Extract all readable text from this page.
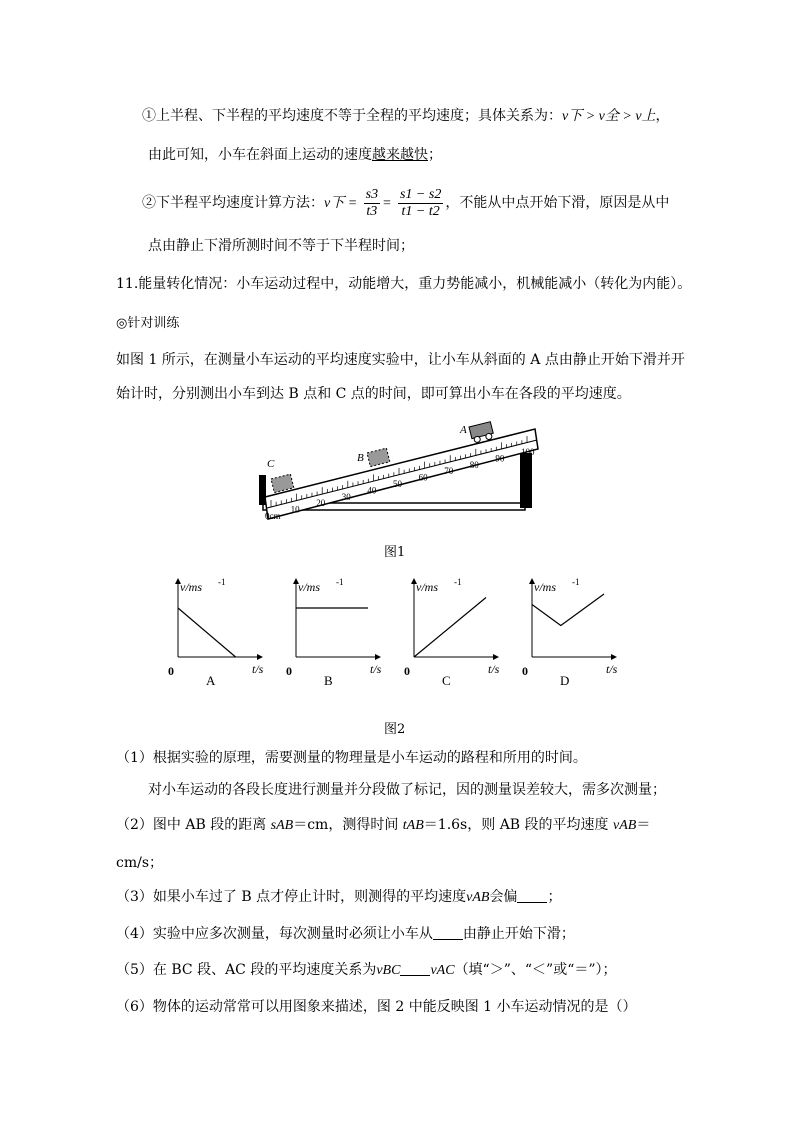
①上半程、下半程的平均速度不等于全程的平均速度；具体关系为：v下 > v全 > v上，
由此可知，小车在斜面上运动的速度越来越快；
②下半程平均速度计算方法：v下 = $\frac{s3}{t3} = \frac{s1 - s2}{t1 - t2}$ ，不能从中点开始下滑，原因是从中
点由静止下滑所测时间不等于下半程时间；
11.能量转化情况：小车运动过程中，动能增大，重力势能减小，机械能减小（转化为内能）。
◎针对训练
如图 1 所示，在测量小车运动的平均速度实验中，让小车从斜面的 A 点由静止开始下滑并开
始计时，分别测出小车到达 B 点和 C 点的时间，即可算出小车在各段的平均速度。
0cm
10
20
30
40
50
60
70
80
90
100
C	B
A
图1
v/ms -1
t/s
0
A
v/ms -1
t/s
0
B
v/ms -1
t/s
0
C
v/ms -1
t/s
0
D
图2
（1）根据实验的原理，需要测量的物理量是小车运动的路程和所用的时间。
对小车运动的各段长度进行测量并分段做了标记，因的测量误差较大，需多次测量；
（2）图中 AB 段的距离 sAB＝cm，测得时间 tAB＝1.6s，则 AB 段的平均速度 vAB＝
cm/s；
（3）如果小车过了 B 点才停止计时，则测得的平均速度vAB会偏 ；
（4）实验中应多次测量，每次测量时必须让小车从 由静止开始下滑；
（5）在 BC 段、AC 段的平均速度关系为vBC vAC（填“＞”、“＜”或“＝”）；
（6）物体的运动常常可以用图象来描述，图 2 中能反映图 1 小车运动情况的是（）
